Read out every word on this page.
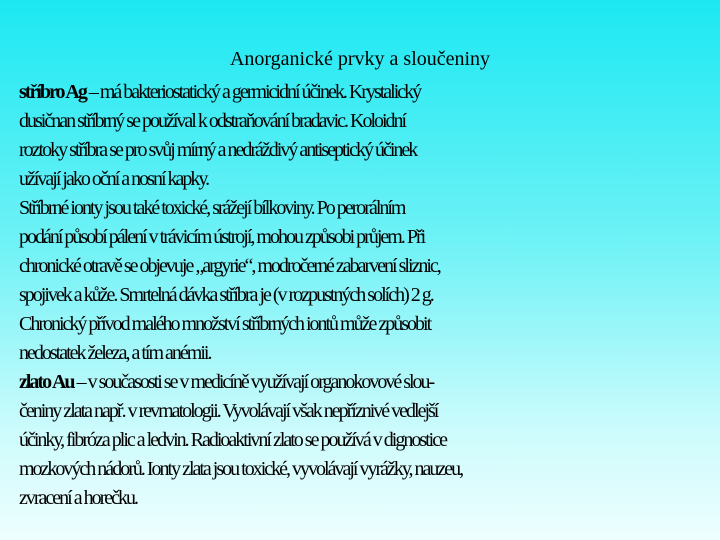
Anorganické prvky a sloučeniny
stříbro Ag – má bakteriostatický a germicidní účinek. Krystalický
dusičnan stříbrný se používal k odstraňování bradavic. Koloidní
roztoky stříbra se pro svůj mírný a nedráždivý antiseptický účinek
užívají jako oční a nosní kapky.
Stříbrné ionty jsou také toxické, srážejí bílkoviny. Po perorálním
podání působí pálení v trávicím ústrojí, mohou způsobi průjem. Při
chronické otravě se objevuje „argyrie“, modročerné zabarvení sliznic,
spojivek a kůže. Smrtelná dávka stříbra je (v rozpustných solích) 2 g.
Chronický přívod malého množství stříbrných iontů může způsobit
nedostatek železa, a tím anémii.
zlato Au – v současosti se v medicíně využívají organokovové slou-
čeniny zlata např. v revmatologii. Vyvolávají však nepříznivé vedlejší
účinky, fibróza plic a ledvin. Radioaktivní zlato se používá v dignostice
mozkových nádorů. Ionty zlata jsou toxické, vyvolávají vyrážky, nauzeu,
zvracení a horečku.
